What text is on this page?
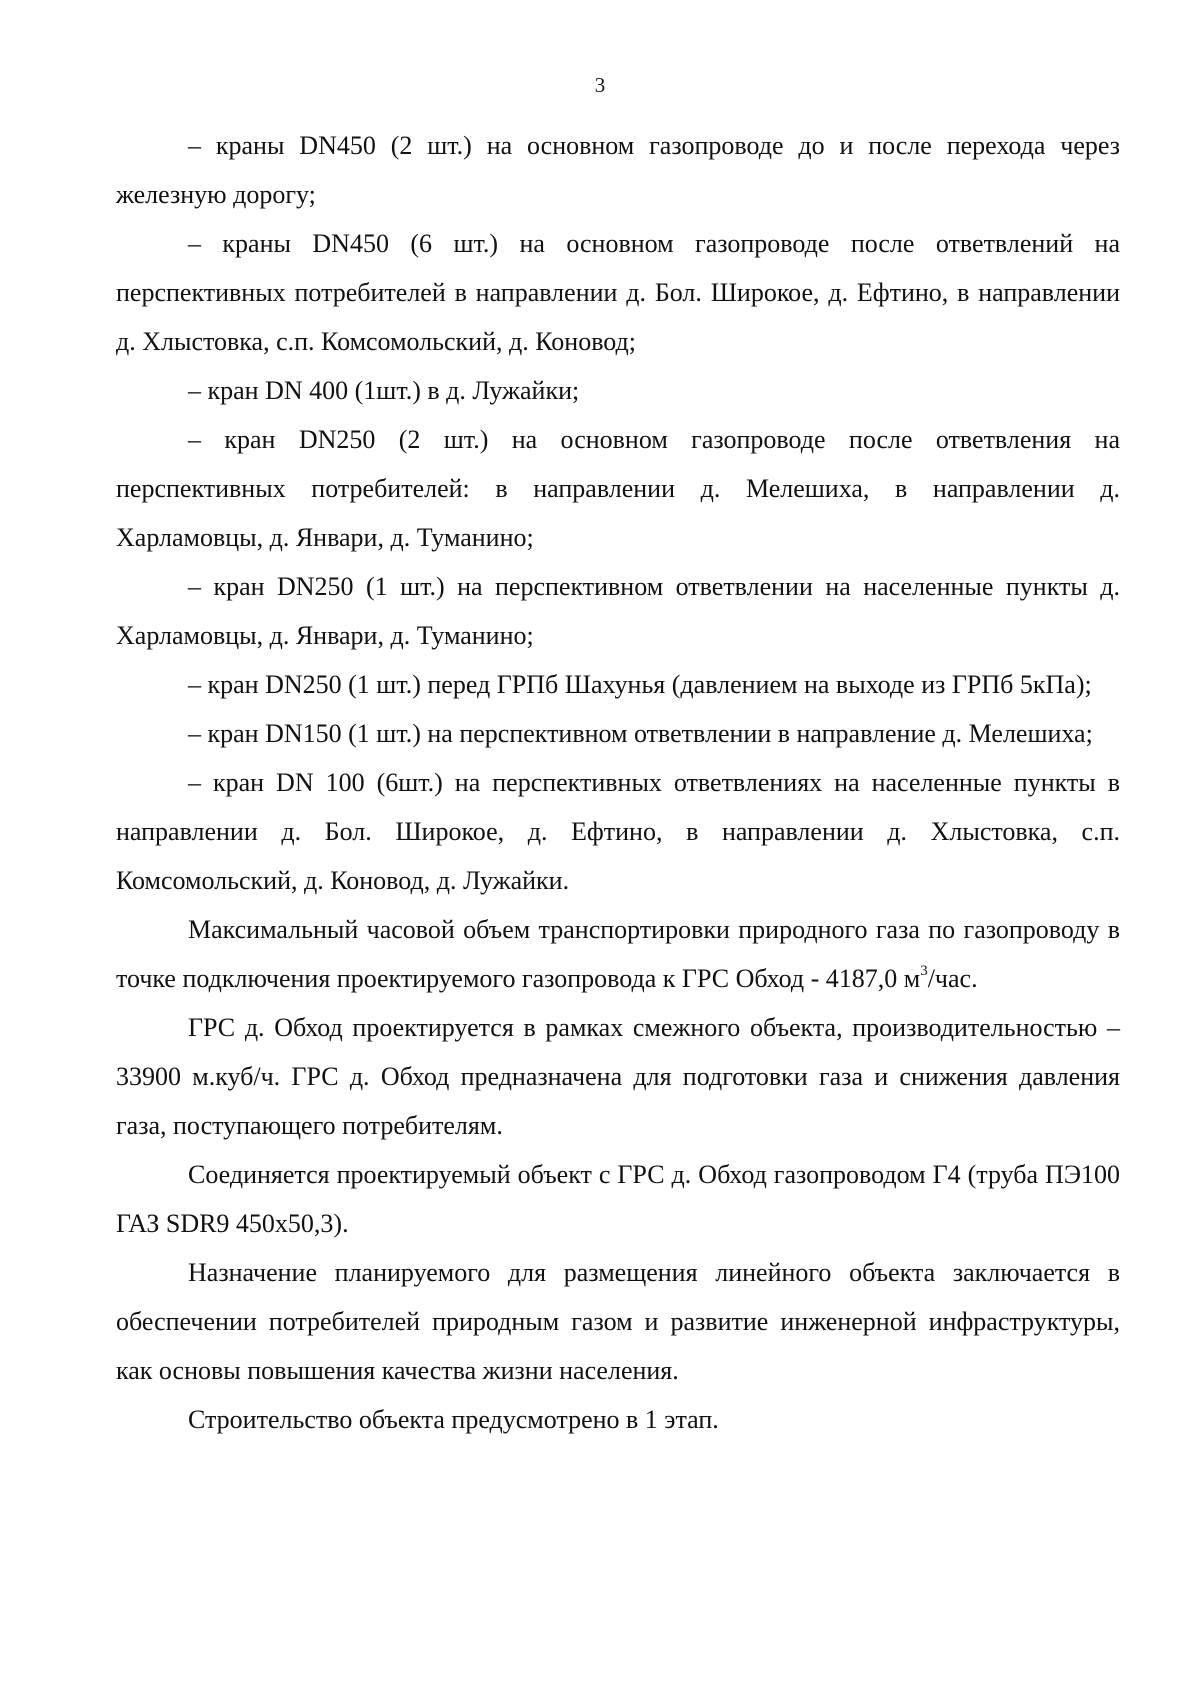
3

– краны DN450 (2 шт.) на основном газопроводе до и после перехода через железную дорогу;

– краны DN450 (6 шт.) на основном газопроводе после ответвлений на перспективных потребителей в направлении д. Бол. Широкое, д. Ефтино, в направлении д. Хлыстовка, с.п. Комсомольский, д. Коновод;

– кран DN 400 (1шт.) в д. Лужайки;

– кран DN250 (2 шт.) на основном газопроводе после ответвления на перспективных потребителей: в направлении д. Мелешиха, в направлении д. Харламовцы, д. Январи, д. Туманино;

– кран DN250 (1 шт.) на перспективном ответвлении на населенные пункты д. Харламовцы, д. Январи, д. Туманино;

– кран DN250 (1 шт.) перед ГРПб Шахунья (давлением на выходе из ГРПб 5кПа);

– кран DN150 (1 шт.) на перспективном ответвлении в направление д. Мелешиха;

– кран DN 100 (6шт.) на перспективных ответвлениях на населенные пункты в направлении д. Бол. Широкое, д. Ефтино, в направлении д. Хлыстовка, с.п. Комсомольский, д. Коновод, д. Лужайки.

Максимальный часовой объем транспортировки природного газа по газопроводу в точке подключения проектируемого газопровода к ГРС Обход - 4187,0 $м^3$/час.

ГРС д. Обход проектируется в рамках смежного объекта, производительностью – 33900 м.куб/ч. ГРС д. Обход предназначена для подготовки газа и снижения давления газа, поступающего потребителям.

Соединяется проектируемый объект с ГРС д. Обход газопроводом Г4 (труба ПЭ100 ГАЗ SDR9 450х50,3).

Назначение планируемого для размещения линейного объекта заключается в обеспечении потребителей природным газом и развитие инженерной инфраструктуры, как основы повышения качества жизни населения.

Строительство объекта предусмотрено в 1 этап.
